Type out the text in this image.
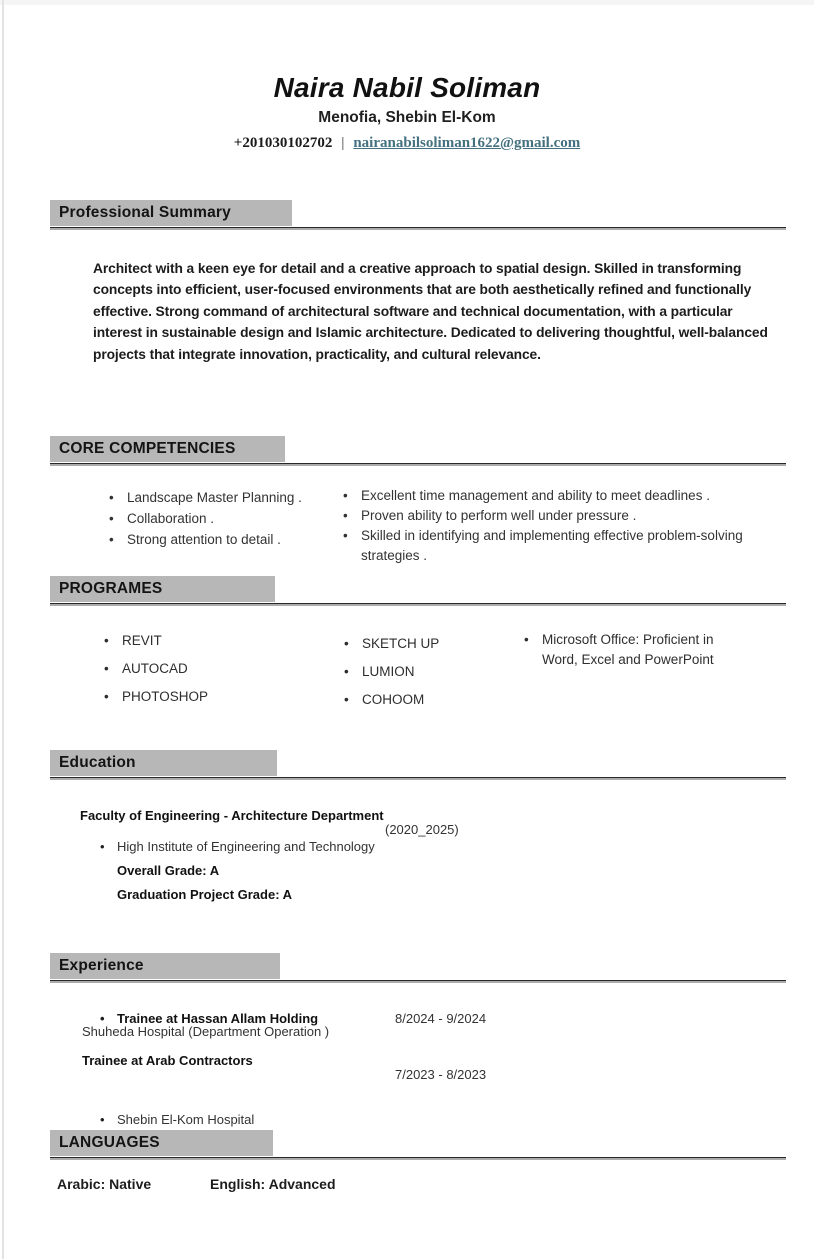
Naira Nabil Soliman
Menofia, Shebin El-Kom
+201030102702 | nairanabilsoliman1622@gmail.com
Professional Summary
Architect with a keen eye for detail and a creative approach to spatial design. Skilled in transforming concepts into efficient, user-focused environments that are both aesthetically refined and functionally effective. Strong command of architectural software and technical documentation, with a particular interest in sustainable design and Islamic architecture. Dedicated to delivering thoughtful, well-balanced projects that integrate innovation, practicality, and cultural relevance.
CORE COMPETENCIES
• Landscape Master Planning .
• Collaboration .
• Strong attention to detail .
• Excellent time management and ability to meet deadlines .
• Proven ability to perform well under pressure .
• Skilled in identifying and implementing effective problem-solving strategies .
PROGRAMES
• REVIT
• AUTOCAD
• PHOTOSHOP
• SKETCH UP
• LUMION
• COHOOM
• Microsoft Office: Proficient in Word, Excel and PowerPoint
Education
Faculty of Engineering - Architecture Department
(2020_2025)
• High Institute of Engineering and Technology
Overall Grade: A
Graduation Project Grade: A
Experience
• Trainee at Hassan Allam Holding	8/2024 - 9/2024
Shuheda Hospital (Department Operation )
Trainee at Arab Contractors
7/2023 - 8/2023
• Shebin El-Kom Hospital
LANGUAGES
Arabic: Native	English: Advanced
